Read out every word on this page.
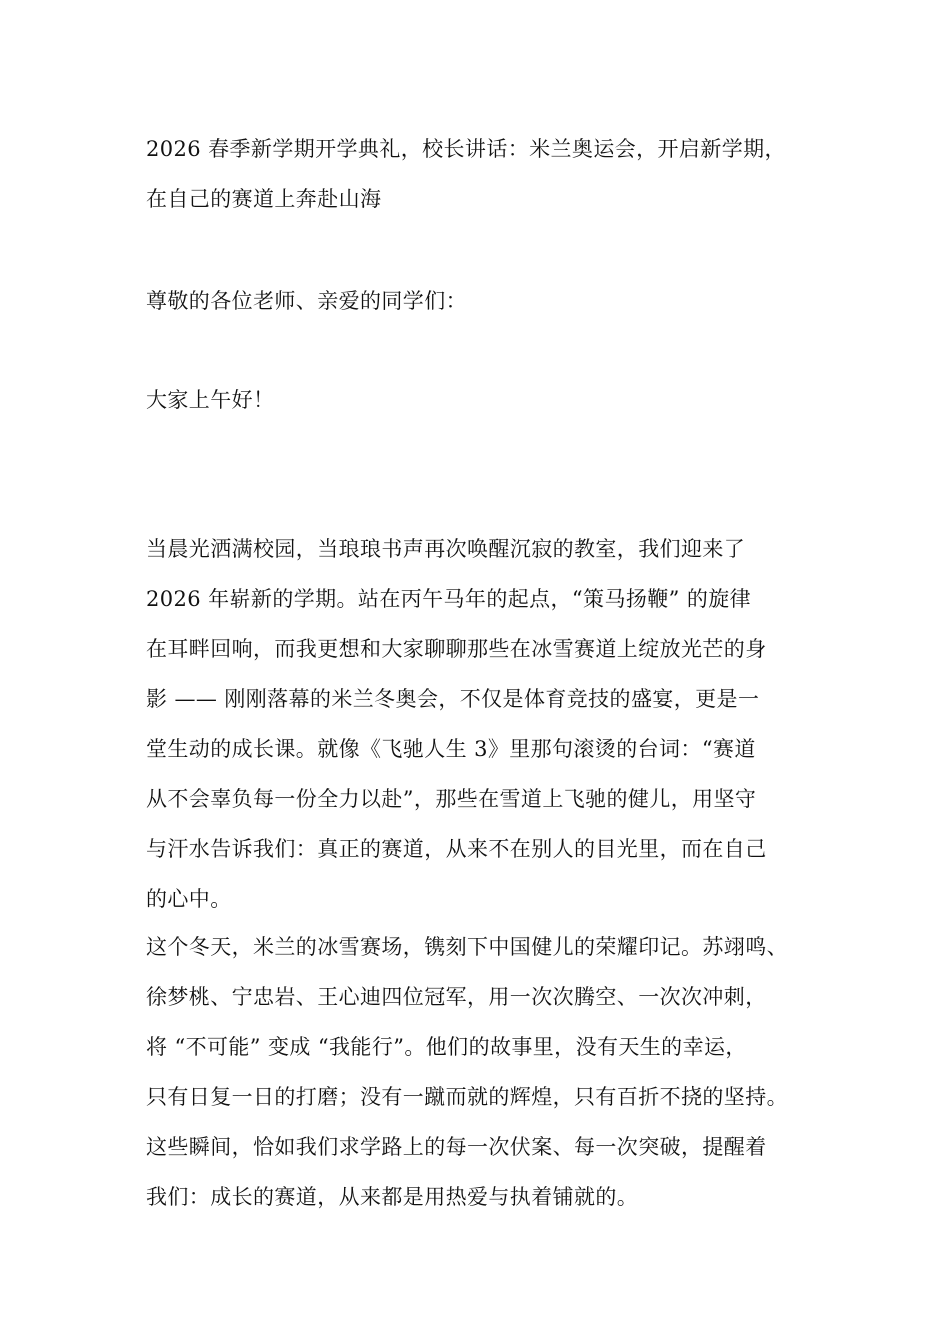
2026 春季新学期开学典礼，校长讲话：米兰奥运会，开启新学期，
在自己的赛道上奔赴山海
尊敬的各位老师、亲爱的同学们：
大家上午好！
当晨光洒满校园，当琅琅书声再次唤醒沉寂的教室，我们迎来了
2026 年崭新的学期。站在丙午马年的起点，“策马扬鞭” 的旋律
在耳畔回响，而我更想和大家聊聊那些在冰雪赛道上绽放光芒的身
影 —— 刚刚落幕的米兰冬奥会，不仅是体育竞技的盛宴，更是一
堂生动的成长课。就像《飞驰人生 3》里那句滚烫的台词：“赛道
从不会辜负每一份全力以赴”，那些在雪道上飞驰的健儿，用坚守
与汗水告诉我们：真正的赛道，从来不在别人的目光里，而在自己
的心中。
这个冬天，米兰的冰雪赛场，镌刻下中国健儿的荣耀印记。苏翊鸣、
徐梦桃、宁忠岩、王心迪四位冠军，用一次次腾空、一次次冲刺，
将 “不可能” 变成 “我能行”。他们的故事里，没有天生的幸运，
只有日复一日的打磨；没有一蹴而就的辉煌，只有百折不挠的坚持。
这些瞬间，恰如我们求学路上的每一次伏案、每一次突破，提醒着
我们：成长的赛道，从来都是用热爱与执着铺就的。
